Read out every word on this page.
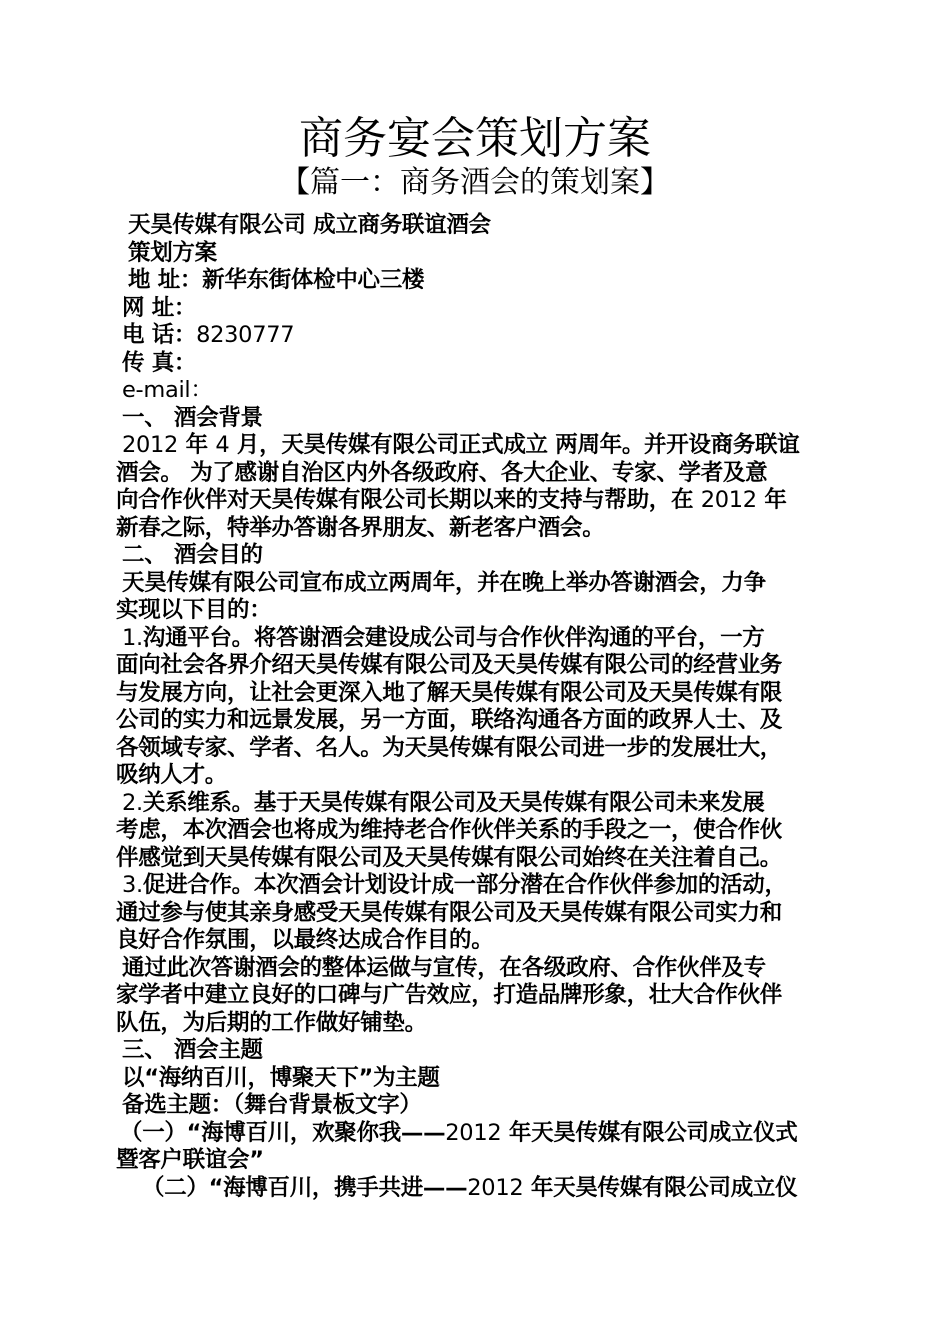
商务宴会策划方案
【篇一：商务酒会的策划案】
天昊传媒有限公司 成立商务联谊酒会
策划方案
地 址：新华东街体检中心三楼
网 址：
电 话：8230777
传 真：
e-mail：
一、 酒会背景
2012 年 4 月，天昊传媒有限公司正式成立 两周年。并开设商务联谊
酒会。 为了感谢自治区内外各级政府、各大企业、专家、学者及意
向合作伙伴对天昊传媒有限公司长期以来的支持与帮助，在 2012 年
新春之际，特举办答谢各界朋友、新老客户酒会。
二、 酒会目的
天昊传媒有限公司宣布成立两周年，并在晚上举办答谢酒会，力争
实现以下目的：
1.沟通平台。将答谢酒会建设成公司与合作伙伴沟通的平台，一方
面向社会各界介绍天昊传媒有限公司及天昊传媒有限公司的经营业务
与发展方向，让社会更深入地了解天昊传媒有限公司及天昊传媒有限
公司的实力和远景发展，另一方面，联络沟通各方面的政界人士、及
各领域专家、学者、名人。为天昊传媒有限公司进一步的发展壮大，
吸纳人才。
2.关系维系。基于天昊传媒有限公司及天昊传媒有限公司未来发展
考虑，本次酒会也将成为维持老合作伙伴关系的手段之一，使合作伙
伴感觉到天昊传媒有限公司及天昊传媒有限公司始终在关注着自己。
3.促进合作。本次酒会计划设计成一部分潜在合作伙伴参加的活动，
通过参与使其亲身感受天昊传媒有限公司及天昊传媒有限公司实力和
良好合作氛围，以最终达成合作目的。
通过此次答谢酒会的整体运做与宣传，在各级政府、合作伙伴及专
家学者中建立良好的口碑与广告效应，打造品牌形象，壮大合作伙伴
队伍，为后期的工作做好铺垫。
三、 酒会主题
以“海纳百川，博聚天下”为主题
备选主题：（舞台背景板文字）
（一）“海博百川，欢聚你我——2012 年天昊传媒有限公司成立仪式
暨客户联谊会”
（二）“海博百川，携手共进——2012 年天昊传媒有限公司成立仪
